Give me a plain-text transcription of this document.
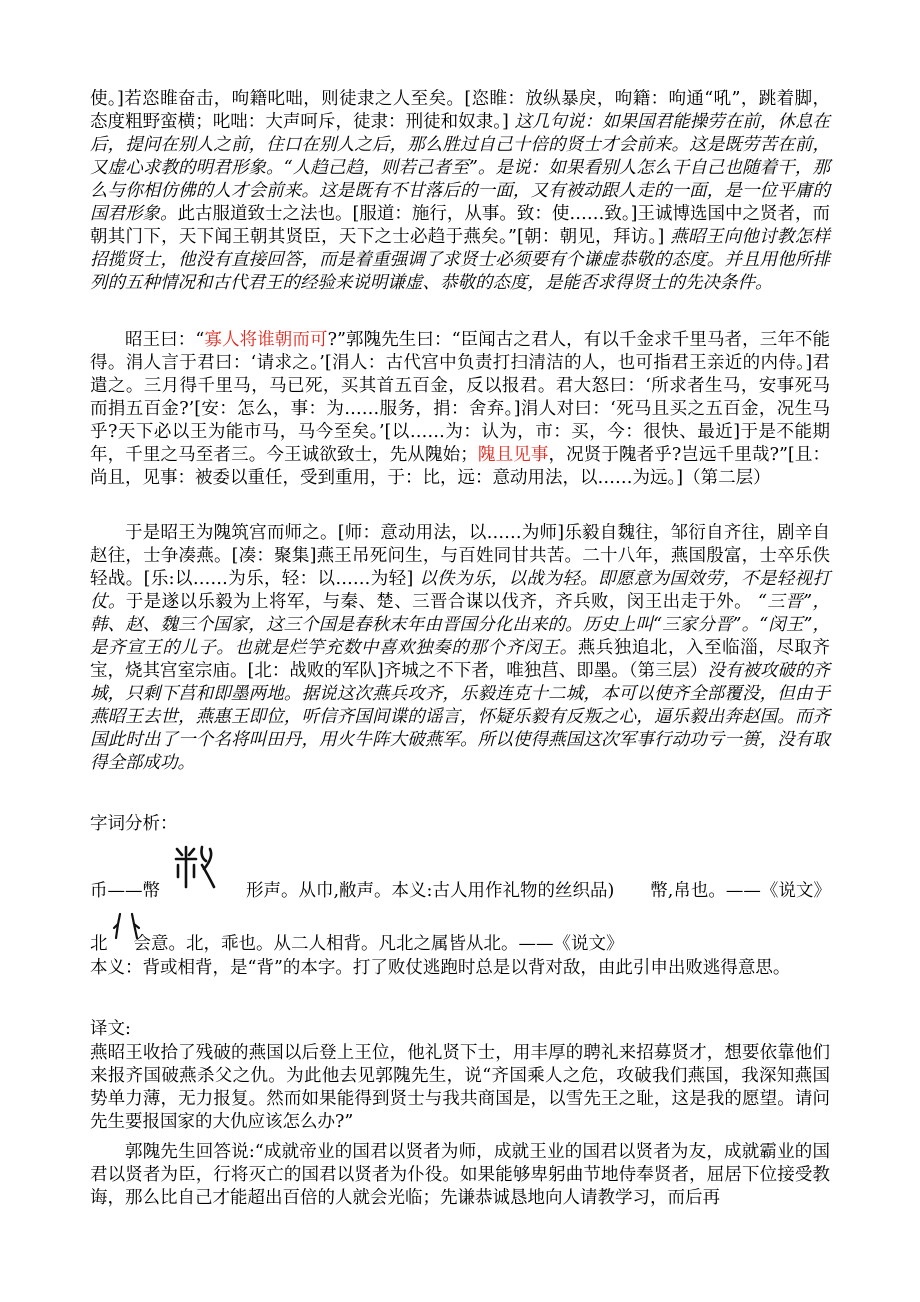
使。]若恣睢奋击，呴籍叱咄，则徒隶之人至矣。[恣睢：放纵暴戾，呴籍：呴通“吼”，跳着脚，态度粗野蛮横；叱咄：大声呵斥，徒隶：刑徒和奴隶。] 这几句说：如果国君能操劳在前，休息在后，提问在别人之前，住口在别人之后，那么胜过自己十倍的贤士才会前来。这是既劳苦在前，又虚心求教的明君形象。“人趋己趋，则若己者至”。是说：如果看别人怎么干自己也随着干，那么与你相仿佛的人才会前来。这是既有不甘落后的一面，又有被动跟人走的一面，是一位平庸的国君形象。此古服道致士之法也。[服道：施行，从事。致：使……致。]王诚博选国中之贤者，而朝其门下，天下闻王朝其贤臣，天下之士必趋于燕矣。”[朝：朝见，拜访。] 燕昭王向他讨教怎样招揽贤士，他没有直接回答，而是着重强调了求贤士必须要有个谦虚恭敬的态度。并且用他所排列的五种情况和古代君王的经验来说明谦虚、恭敬的态度，是能否求得贤士的先决条件。

昭王曰：“寡人将谁朝而可?”郭隗先生曰：“臣闻古之君人，有以千金求千里马者，三年不能得。涓人言于君曰：‘请求之。’[涓人：古代宫中负责打扫清洁的人，也可指君王亲近的内侍。]君遣之。三月得千里马，马已死，买其首五百金，反以报君。君大怒曰：‘所求者生马，安事死马而捐五百金?’[安：怎么，事：为……服务，捐：舍弃。]涓人对曰：‘死马且买之五百金，况生马乎?天下必以王为能市马，马今至矣。’[以……为：认为，市：买，今：很快、最近]于是不能期年，千里之马至者三。今王诚欲致士，先从隗始；隗且见事，况贤于隗者乎?岂远千里哉?”[且：尚且，见事：被委以重任，受到重用，于：比，远：意动用法，以……为远。]（第二层）

于是昭王为隗筑宫而师之。[师：意动用法，以……为师]乐毅自魏往，邹衍自齐往，剧辛自赵往，士争凑燕。[凑：聚集]燕王吊死问生，与百姓同甘共苦。二十八年，燕国殷富，士卒乐佚轻战。[乐:以……为乐，轻：以……为轻] 以佚为乐，以战为轻。即愿意为国效劳，不是轻视打仗。于是遂以乐毅为上将军，与秦、楚、三晋合谋以伐齐，齐兵败，闵王出走于外。 “三晋”，韩、赵、魏三个国家，这三个国是春秋末年由晋国分化出来的。历史上叫“三家分晋”。“闵王”，是齐宣王的儿子。也就是烂竽充数中喜欢独奏的那个齐闵王。燕兵独追北，入至临淄，尽取齐宝，烧其宫室宗庙。[北：战败的军队]齐城之不下者，唯独莒、即墨。（第三层）没有被攻破的齐城，只剩下莒和即墨两地。据说这次燕兵攻齐，乐毅连克十二城，本可以使齐全部覆没，但由于燕昭王去世，燕惠王即位，听信齐国间谍的谣言，怀疑乐毅有反叛之心，逼乐毅出奔赵国。而齐国此时出了一个名将叫田丹，用火牛阵大破燕军。所以使得燕国这次军事行动功亏一篑，没有取得全部成功。

字词分析：

币——幣	形声。从巾,敝声。本义:古人用作礼物的丝织品) 幣,帛也。——《说文》

北 会意。北，乖也。从二人相背。凡北之属皆从北。——《说文》

本义：背或相背，是“背”的本字。打了败仗逃跑时总是以背对敌，由此引申出败逃得意思。

译文:

燕昭王收拾了残破的燕国以后登上王位，他礼贤下士，用丰厚的聘礼来招募贤才，想要依靠他们来报齐国破燕杀父之仇。为此他去见郭隗先生，说“齐国乘人之危，攻破我们燕国，我深知燕国势单力薄，无力报复。然而如果能得到贤士与我共商国是，以雪先王之耻，这是我的愿望。请问先生要报国家的大仇应该怎么办?”

郭隗先生回答说:“成就帝业的国君以贤者为师，成就王业的国君以贤者为友，成就霸业的国君以贤者为臣，行将灭亡的国君以贤者为仆役。如果能够卑躬曲节地侍奉贤者，屈居下位接受教诲，那么比自己才能超出百倍的人就会光临；先谦恭诚恳地向人请教学习，而后再
